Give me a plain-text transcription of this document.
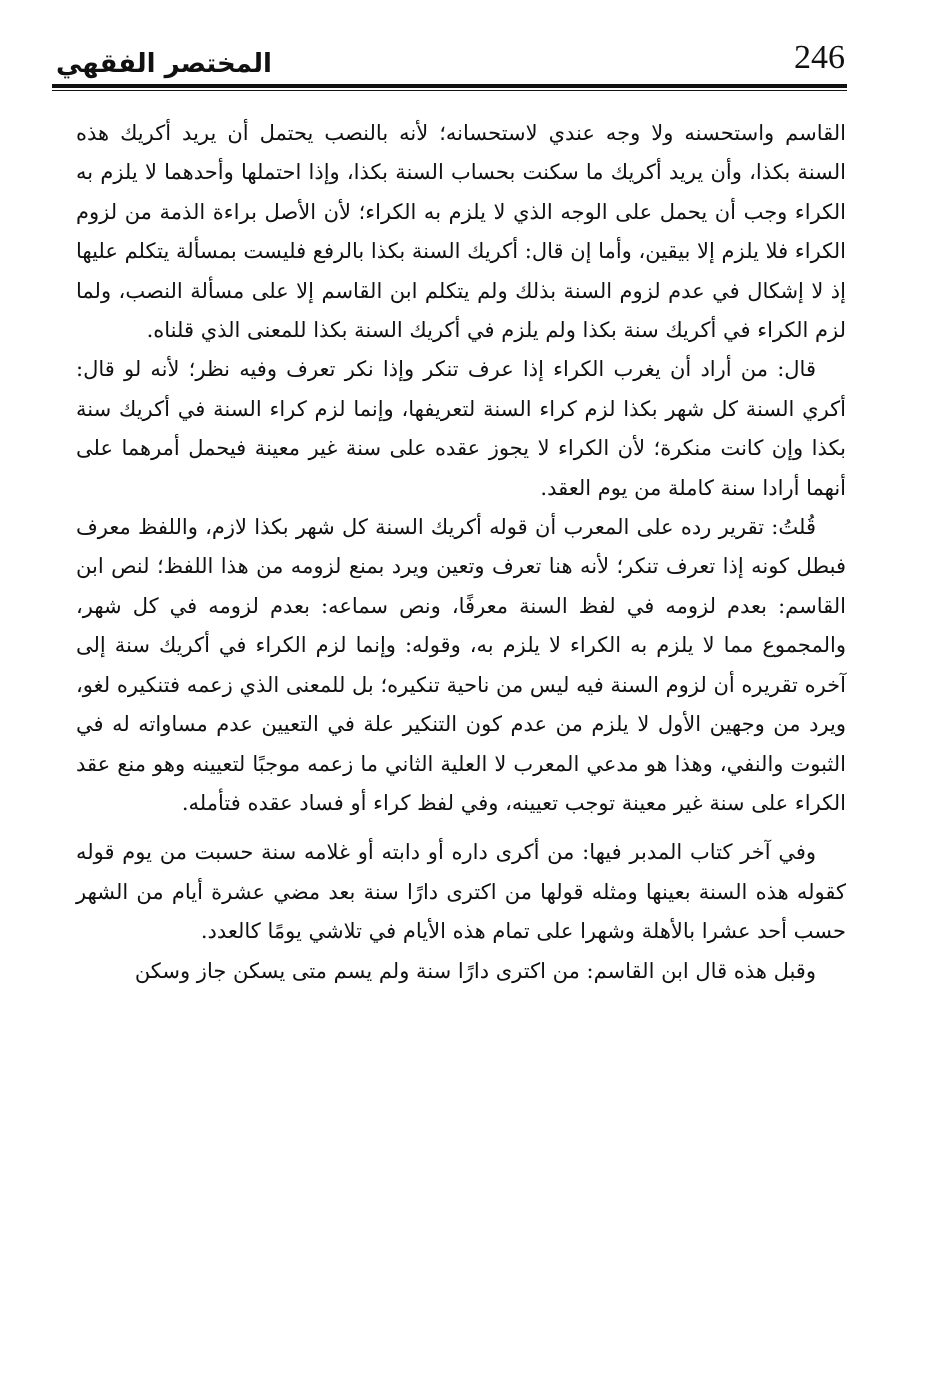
246
المختصر الفقهي

القاسم واستحسنه ولا وجه عندي لاستحسانه؛ لأنه بالنصب يحتمل أن يريد أكريك هذه السنة بكذا، وأن يريد أكريك ما سكنت بحساب السنة بكذا، وإذا احتملها وأحدهما لا يلزم به الكراء وجب أن يحمل على الوجه الذي لا يلزم به الكراء؛ لأن الأصل براءة الذمة من لزوم الكراء فلا يلزم إلا بيقين، وأما إن قال: أكريك السنة بكذا بالرفع فليست بمسألة يتكلم عليها إذ لا إشكال في عدم لزوم السنة بذلك ولم يتكلم ابن القاسم إلا على مسألة النصب، ولما لزم الكراء في أكريك سنة بكذا ولم يلزم في أكريك السنة بكذا للمعنى الذي قلناه.

قال: من أراد أن يغرب الكراء إذا عرف تنكر وإذا نكر تعرف وفيه نظر؛ لأنه لو قال: أكري السنة كل شهر بكذا لزم كراء السنة لتعريفها، وإنما لزم كراء السنة في أكريك سنة بكذا وإن كانت منكرة؛ لأن الكراء لا يجوز عقده على سنة غير معينة فيحمل أمرهما على أنهما أرادا سنة كاملة من يوم العقد.

قُلتُ: تقرير رده على المعرب أن قوله أكريك السنة كل شهر بكذا لازم، واللفظ معرف فبطل كونه إذا تعرف تنكر؛ لأنه هنا تعرف وتعين ويرد بمنع لزومه من هذا اللفظ؛ لنص ابن القاسم: بعدم لزومه في لفظ السنة معرفًا، ونص سماعه: بعدم لزومه في كل شهر، والمجموع مما لا يلزم به الكراء لا يلزم به، وقوله: وإنما لزم الكراء في أكريك سنة إلى آخره تقريره أن لزوم السنة فيه ليس من ناحية تنكيره؛ بل للمعنى الذي زعمه فتنكيره لغو، ويرد من وجهين الأول لا يلزم من عدم كون التنكير علة في التعيين عدم مساواته له في الثبوت والنفي، وهذا هو مدعي المعرب لا العلية الثاني ما زعمه موجبًا لتعيينه وهو منع عقد الكراء على سنة غير معينة توجب تعيينه، وفي لفظ كراء أو فساد عقده فتأمله.

وفي آخر كتاب المدبر فيها: من أكرى داره أو دابته أو غلامه سنة حسبت من يوم قوله كقوله هذه السنة بعينها ومثله قولها من اكترى دارًا سنة بعد مضي عشرة أيام من الشهر حسب أحد عشرا بالأهلة وشهرا على تمام هذه الأيام في تلاشي يومًا كالعدد.

وقبل هذه قال ابن القاسم: من اكترى دارًا سنة ولم يسم متى يسكن جاز وسكن
